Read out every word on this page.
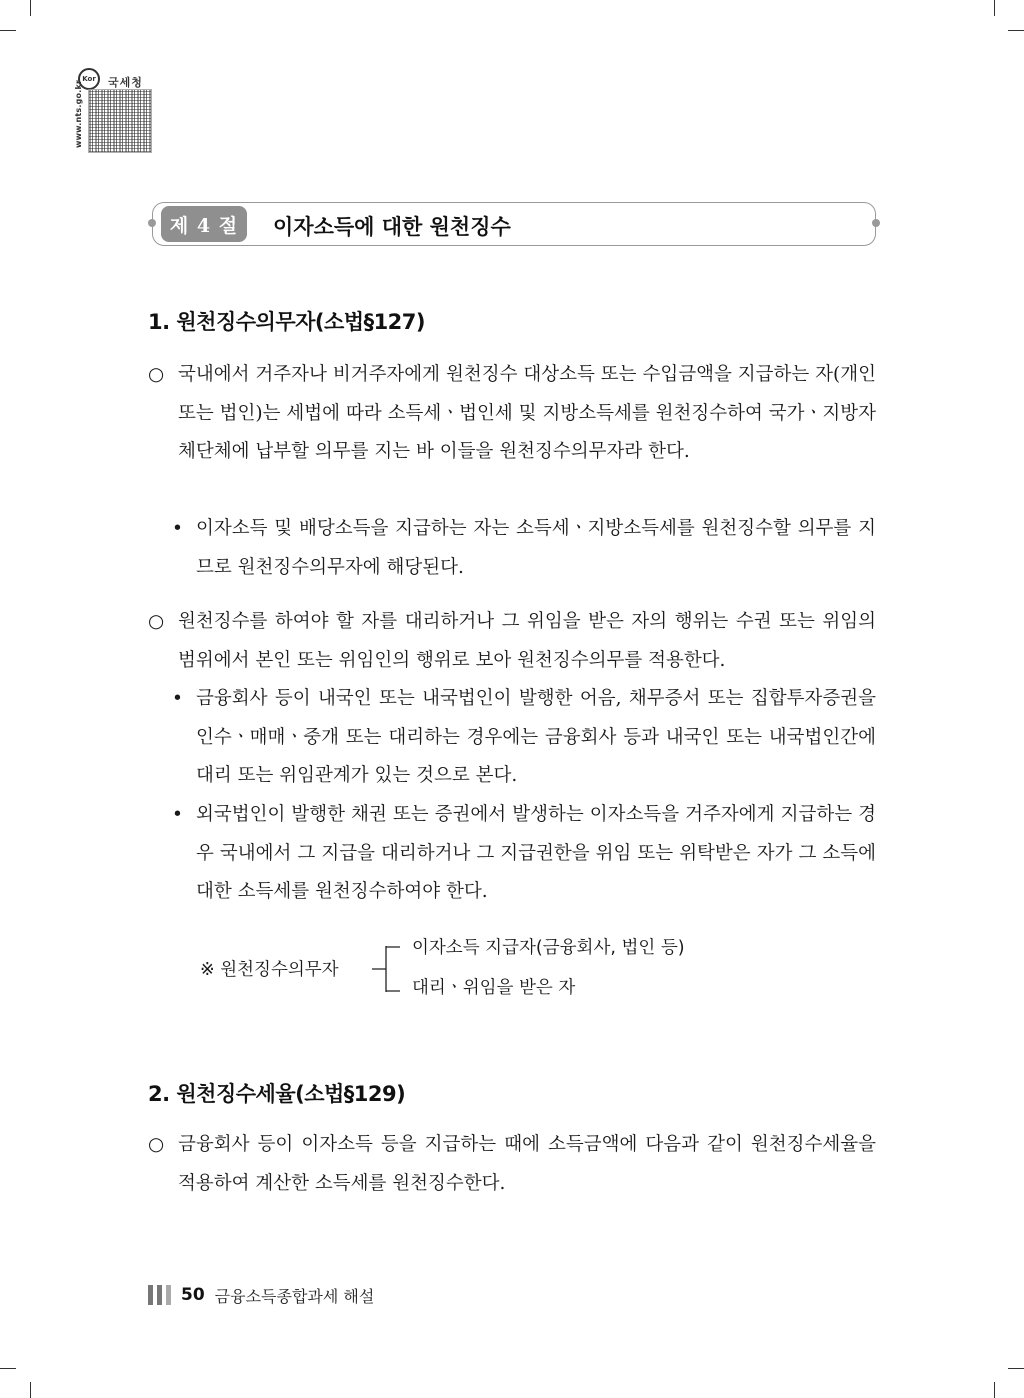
Kor
www.nts.go.kr 국세청
제 4 절	이자소득에 대한 원천징수
1. 원천징수의무자(소법§127)
○ 국내에서 거주자나 비거주자에게 원천징수 대상소득 또는 수입금액을 지급하는 자(개인 또는 법인)는 세법에 따라 소득세ㆍ법인세 및 지방소득세를 원천징수하여 국가ㆍ지방자체단체에 납부할 의무를 지는 바 이들을 원천징수의무자라 한다.
• 이자소득 및 배당소득을 지급하는 자는 소득세ㆍ지방소득세를 원천징수할 의무를 지므로 원천징수의무자에 해당된다.
○ 원천징수를 하여야 할 자를 대리하거나 그 위임을 받은 자의 행위는 수권 또는 위임의 범위에서 본인 또는 위임인의 행위로 보아 원천징수의무를 적용한다.
• 금융회사 등이 내국인 또는 내국법인이 발행한 어음, 채무증서 또는 집합투자증권을 인수ㆍ매매ㆍ중개 또는 대리하는 경우에는 금융회사 등과 내국인 또는 내국법인간에 대리 또는 위임관계가 있는 것으로 본다.
• 외국법인이 발행한 채권 또는 증권에서 발생하는 이자소득을 거주자에게 지급하는 경우 국내에서 그 지급을 대리하거나 그 지급권한을 위임 또는 위탁받은 자가 그 소득에 대한 소득세를 원천징수하여야 한다.
※ 원천징수의무자
이자소득 지급자(금융회사, 법인 등)
대리ㆍ위임을 받은 자
2. 원천징수세율(소법§129)
○ 금융회사 등이 이자소득 등을 지급하는 때에 소득금액에 다음과 같이 원천징수세율을 적용하여 계산한 소득세를 원천징수한다.
50 금융소득종합과세 해설
